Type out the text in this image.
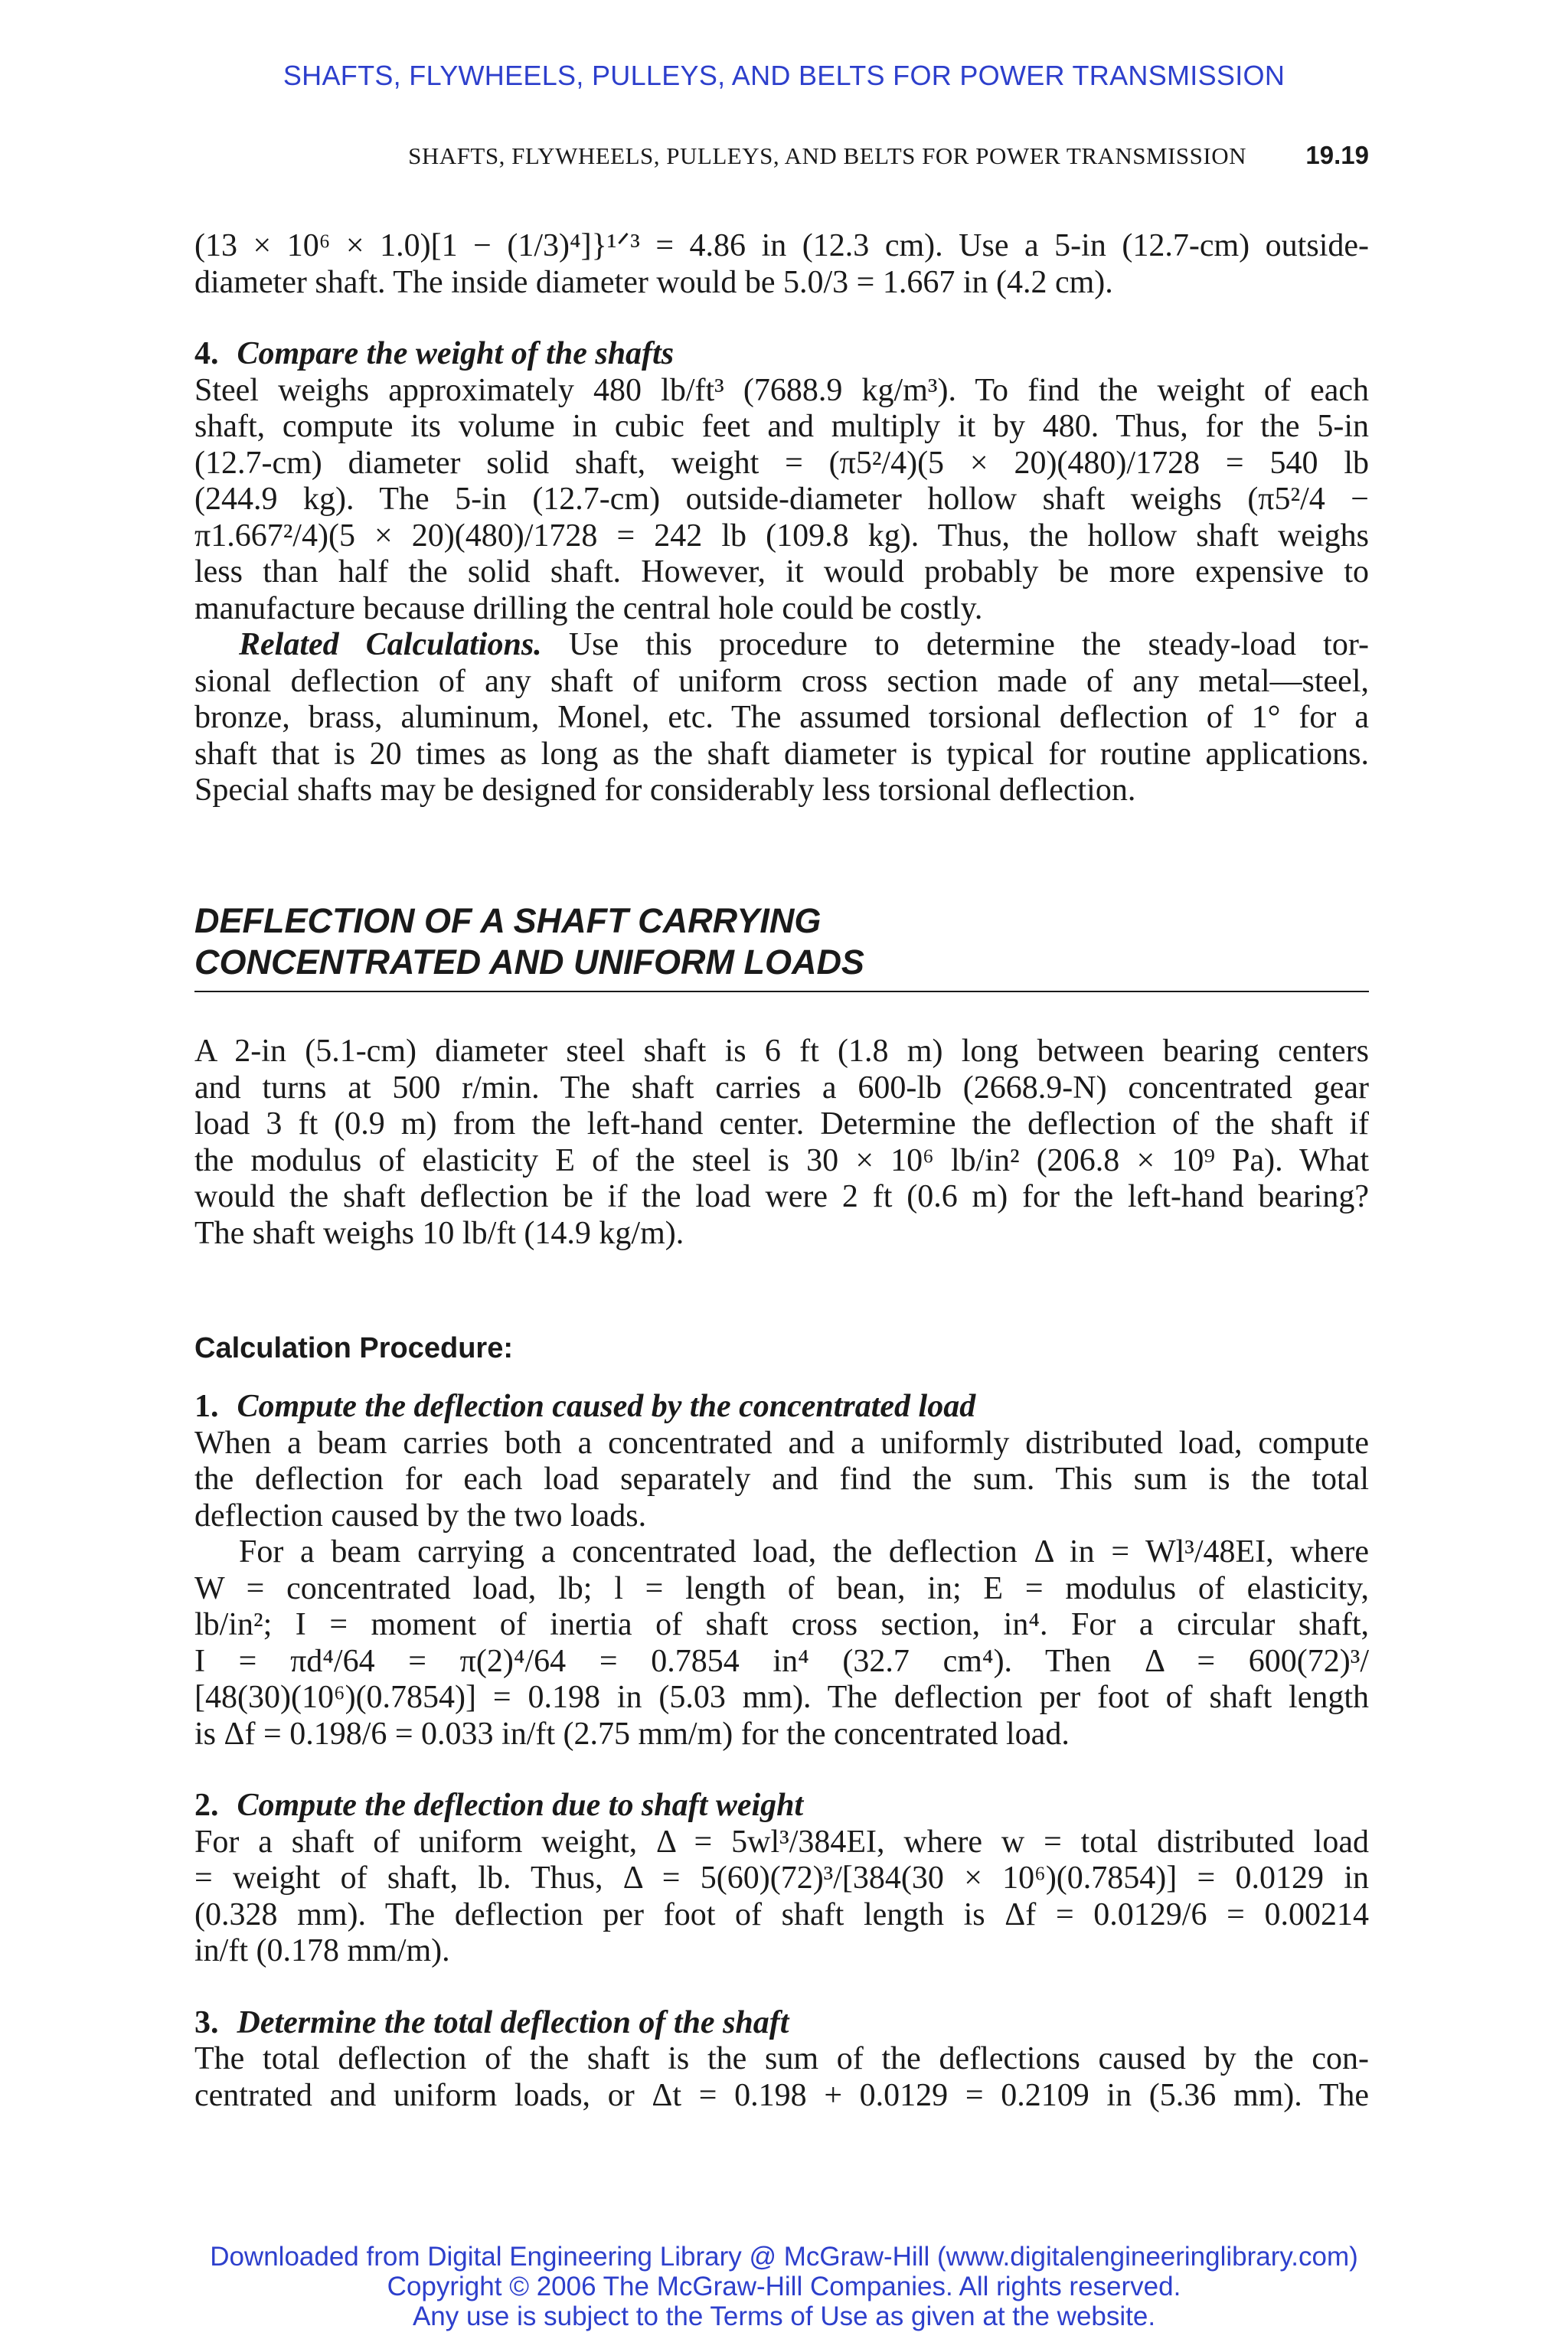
SHAFTS, FLYWHEELS, PULLEYS, AND BELTS FOR POWER TRANSMISSION
SHAFTS, FLYWHEELS, PULLEYS, AND BELTS FOR POWER TRANSMISSION 19.19
(13 × 10⁶ × 1.0)[1 − (1/3)⁴]}¹ᐟ³ = 4.86 in (12.3 cm). Use a 5-in (12.7-cm) outside-
diameter shaft. The inside diameter would be 5.0/3 = 1.667 in (4.2 cm).
4. Compare the weight of the shafts
Steel weighs approximately 480 lb/ft³ (7688.9 kg/m³). To find the weight of each
shaft, compute its volume in cubic feet and multiply it by 480. Thus, for the 5-in
(12.7-cm) diameter solid shaft, weight = (π5²/4)(5 × 20)(480)/1728 = 540 lb
(244.9 kg). The 5-in (12.7-cm) outside-diameter hollow shaft weighs (π5²/4 −
π1.667²/4)(5 × 20)(480)/1728 = 242 lb (109.8 kg). Thus, the hollow shaft weighs
less than half the solid shaft. However, it would probably be more expensive to
manufacture because drilling the central hole could be costly.
Related Calculations. Use this procedure to determine the steady-load tor-
sional deflection of any shaft of uniform cross section made of any metal—steel,
bronze, brass, aluminum, Monel, etc. The assumed torsional deflection of 1° for a
shaft that is 20 times as long as the shaft diameter is typical for routine applications.
Special shafts may be designed for considerably less torsional deflection.
DEFLECTION OF A SHAFT CARRYING
CONCENTRATED AND UNIFORM LOADS
A 2-in (5.1-cm) diameter steel shaft is 6 ft (1.8 m) long between bearing centers
and turns at 500 r/min. The shaft carries a 600-lb (2668.9-N) concentrated gear
load 3 ft (0.9 m) from the left-hand center. Determine the deflection of the shaft if
the modulus of elasticity E of the steel is 30 × 10⁶ lb/in² (206.8 × 10⁹ Pa). What
would the shaft deflection be if the load were 2 ft (0.6 m) for the left-hand bearing?
The shaft weighs 10 lb/ft (14.9 kg/m).
Calculation Procedure:
1. Compute the deflection caused by the concentrated load
When a beam carries both a concentrated and a uniformly distributed load, compute
the deflection for each load separately and find the sum. This sum is the total
deflection caused by the two loads.
For a beam carrying a concentrated load, the deflection Δ in = Wl³/48EI, where
W = concentrated load, lb; l = length of bean, in; E = modulus of elasticity,
lb/in²; I = moment of inertia of shaft cross section, in⁴. For a circular shaft,
I = πd⁴/64 = π(2)⁴/64 = 0.7854 in⁴ (32.7 cm⁴). Then Δ = 600(72)³/
[48(30)(10⁶)(0.7854)] = 0.198 in (5.03 mm). The deflection per foot of shaft length
is Δf = 0.198/6 = 0.033 in/ft (2.75 mm/m) for the concentrated load.
2. Compute the deflection due to shaft weight
For a shaft of uniform weight, Δ = 5wl³/384EI, where w = total distributed load
= weight of shaft, lb. Thus, Δ = 5(60)(72)³/[384(30 × 10⁶)(0.7854)] = 0.0129 in
(0.328 mm). The deflection per foot of shaft length is Δf = 0.0129/6 = 0.00214
in/ft (0.178 mm/m).
3. Determine the total deflection of the shaft
The total deflection of the shaft is the sum of the deflections caused by the con-
centrated and uniform loads, or Δt = 0.198 + 0.0129 = 0.2109 in (5.36 mm). The
Downloaded from Digital Engineering Library @ McGraw-Hill (www.digitalengineeringlibrary.com)
Copyright © 2006 The McGraw-Hill Companies. All rights reserved.
Any use is subject to the Terms of Use as given at the website.
